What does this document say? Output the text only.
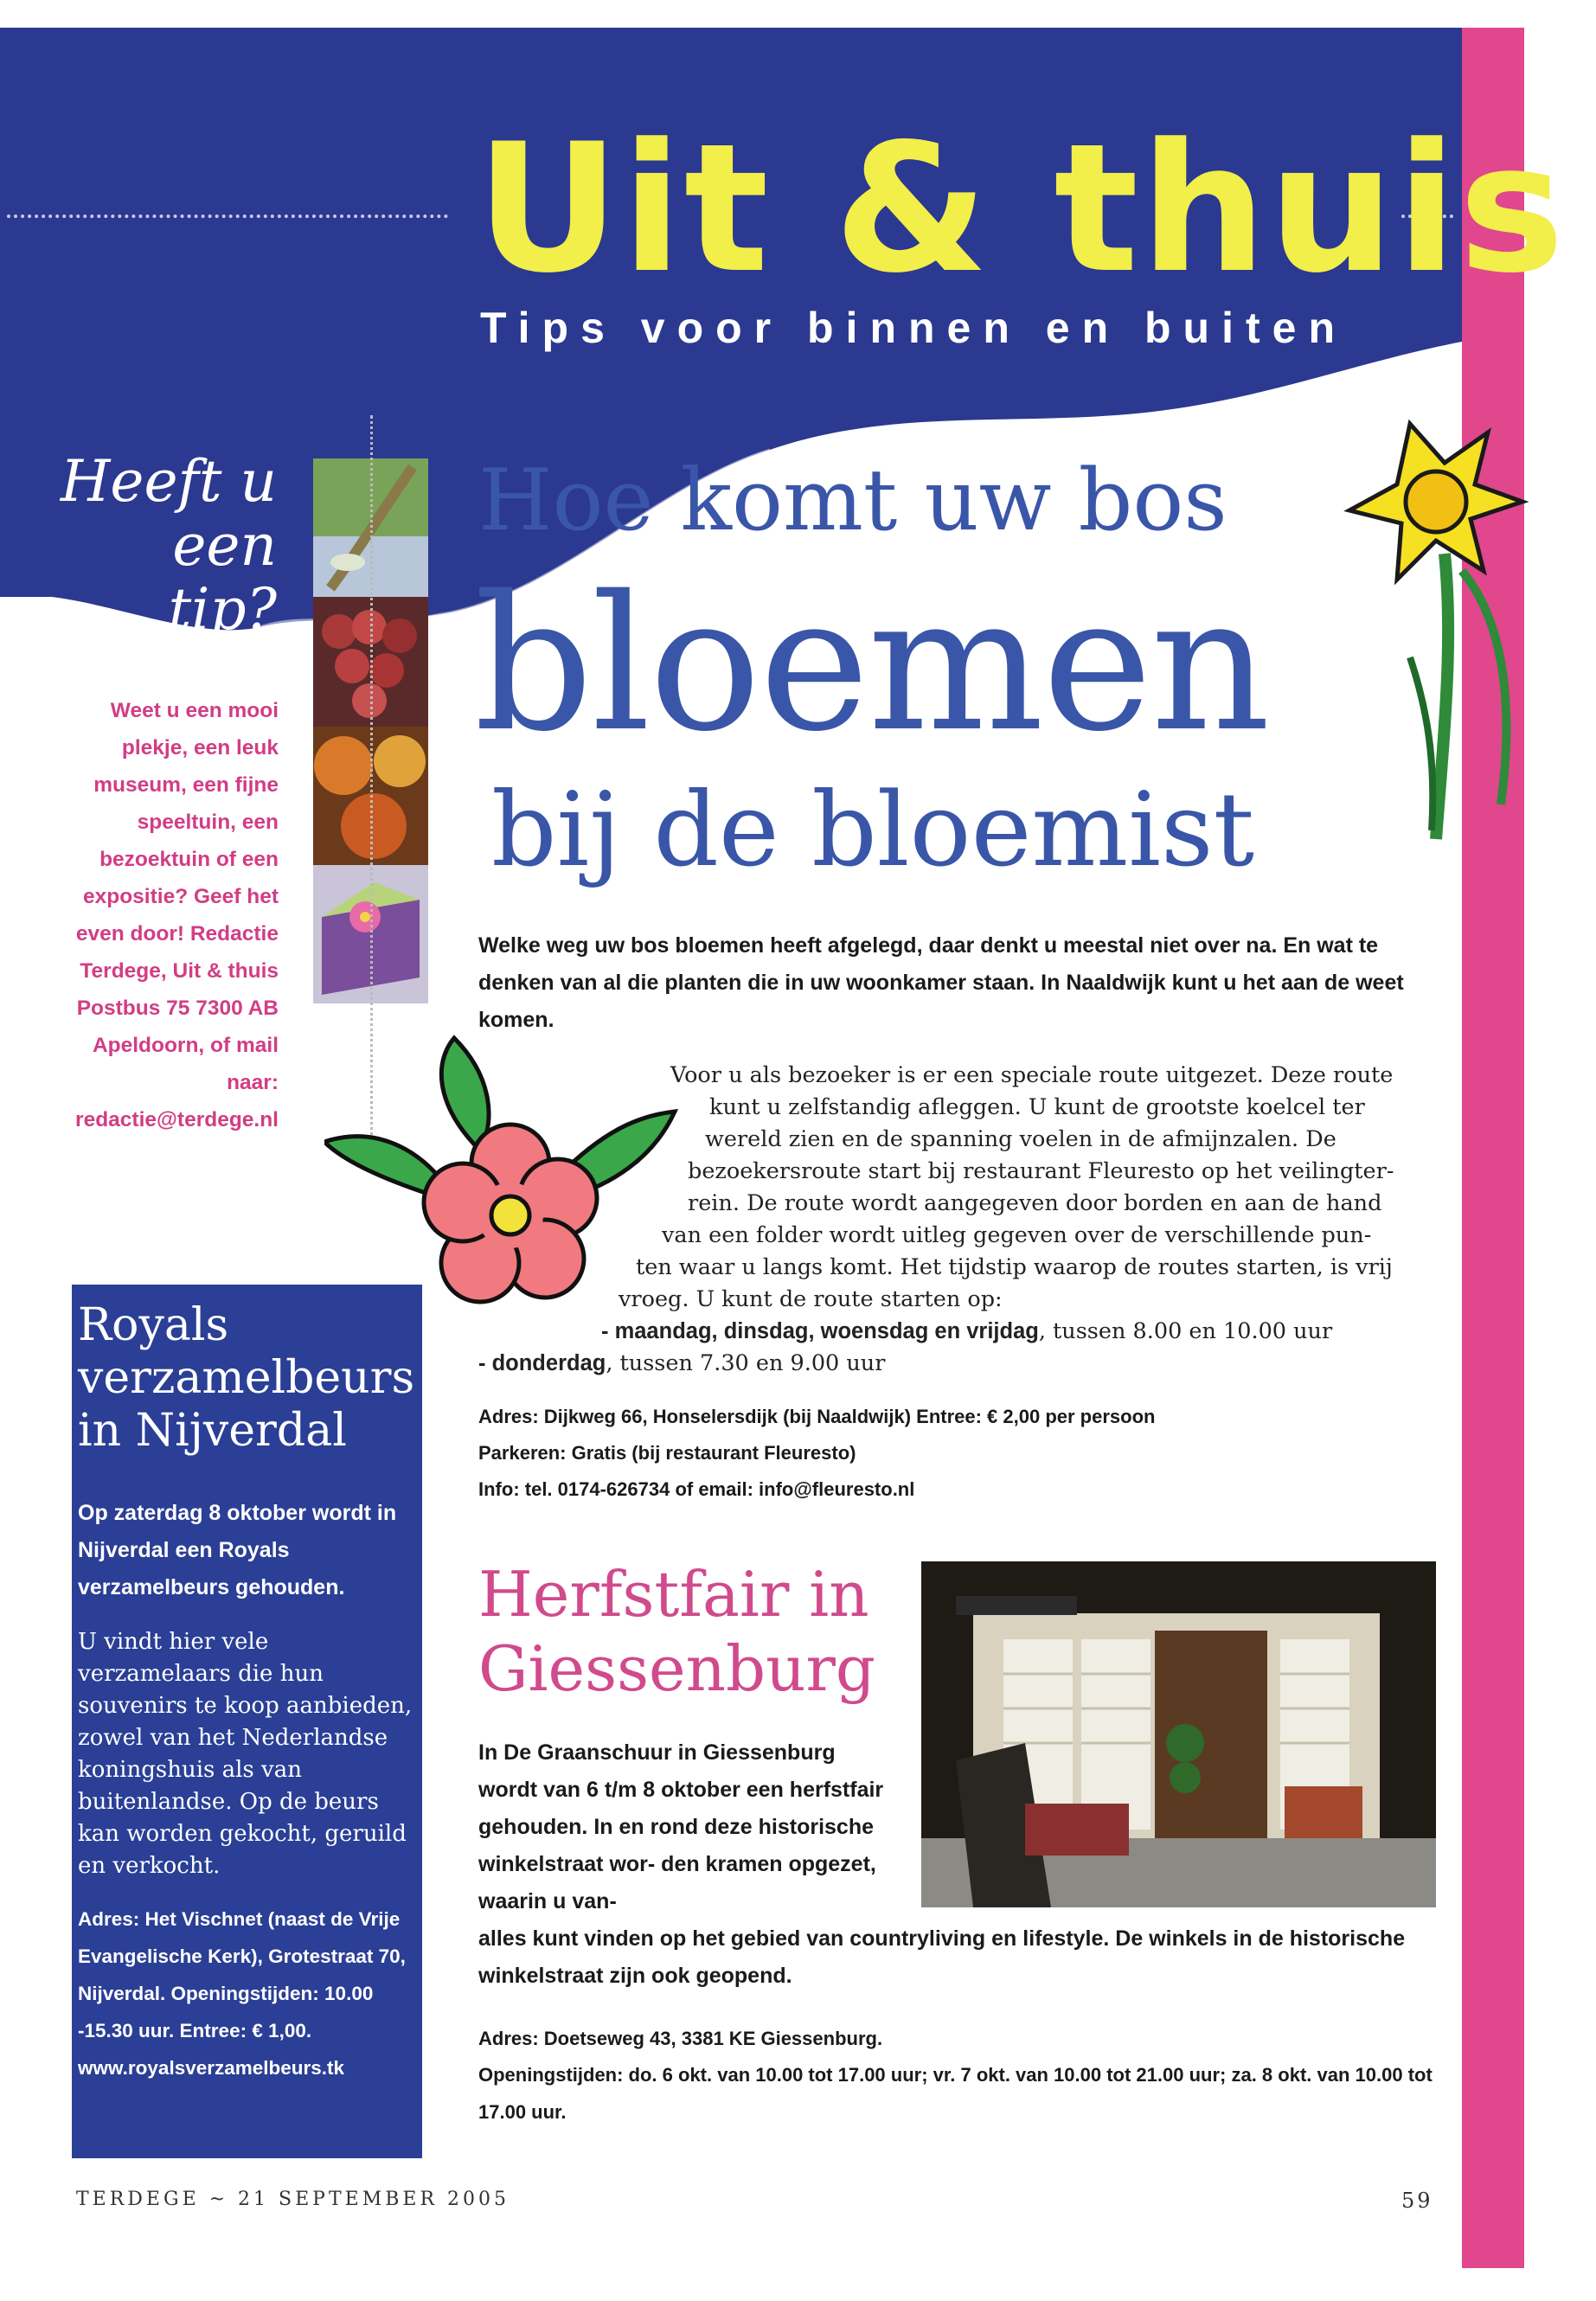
Uit & thuis
Tips voor binnen en buiten
Heeft u een tip?
Weet u een mooi plekje, een leuk museum, een fijne speeltuin, een bezoektuin of een expositie? Geef het even door! Redactie Terdege, Uit & thuis Postbus 75 7300 AB Apeldoorn, of mail naar: redactie@terdege.nl
Hoe komt uw bos
bloemen
bij de bloemist
Welke weg uw bos bloemen heeft afgelegd, daar denkt u meestal niet over na. En wat te denken van al die planten die in uw woonkamer staan. In Naaldwijk kunt u het aan de weet komen.
Voor u als bezoeker is er een speciale route uitgezet. Deze route
kunt u zelfstandig afleggen. U kunt de grootste koelcel ter
wereld zien en de spanning voelen in de afmijnzalen. De
bezoekersroute start bij restaurant Fleuresto op het veilingter-
rein. De route wordt aangegeven door borden en aan de hand
van een folder wordt uitleg gegeven over de verschillende pun-
ten waar u langs komt. Het tijdstip waarop de routes starten, is vrij
vroeg. U kunt de route starten op:
- maandag, dinsdag, woensdag en vrijdag, tussen 8.00 en 10.00 uur
- donderdag, tussen 7.30 en 9.00 uur
Adres: Dijkweg 66, Honselersdijk (bij Naaldwijk) Entree: € 2,00 per persoon
Parkeren: Gratis (bij restaurant Fleuresto)
Info: tel. 0174-626734 of email: info@fleuresto.nl
Royals verzamelbeurs in Nijverdal
Op zaterdag 8 oktober wordt in Nijverdal een Royals verzamelbeurs gehouden.
U vindt hier vele verzamelaars die hun souvenirs te koop aanbieden, zowel van het Nederlandse koningshuis als van buitenlandse. Op de beurs kan worden gekocht, geruild en verkocht.
Adres: Het Vischnet (naast de Vrije Evangelische Kerk), Grotestraat 70, Nijverdal. Openingstijden: 10.00 -15.30 uur. Entree: € 1,00. www.royalsverzamelbeurs.tk
Herfstfair in Giessenburg
In De Graanschuur in Giessenburg wordt van 6 t/m 8 oktober een herfstfair gehouden. In en rond deze historische winkelstraat wor- den kramen opgezet, waarin u van-
alles kunt vinden op het gebied van countryliving en lifestyle. De winkels in de historische winkelstraat zijn ook geopend.
Adres: Doetseweg 43, 3381 KE Giessenburg.
Openingstijden: do. 6 okt. van 10.00 tot 17.00 uur; vr. 7 okt. van 10.00 tot 21.00 uur; za. 8 okt. van 10.00 tot 17.00 uur.
TERDEGE ~ 21 SEPTEMBER 2005	59
